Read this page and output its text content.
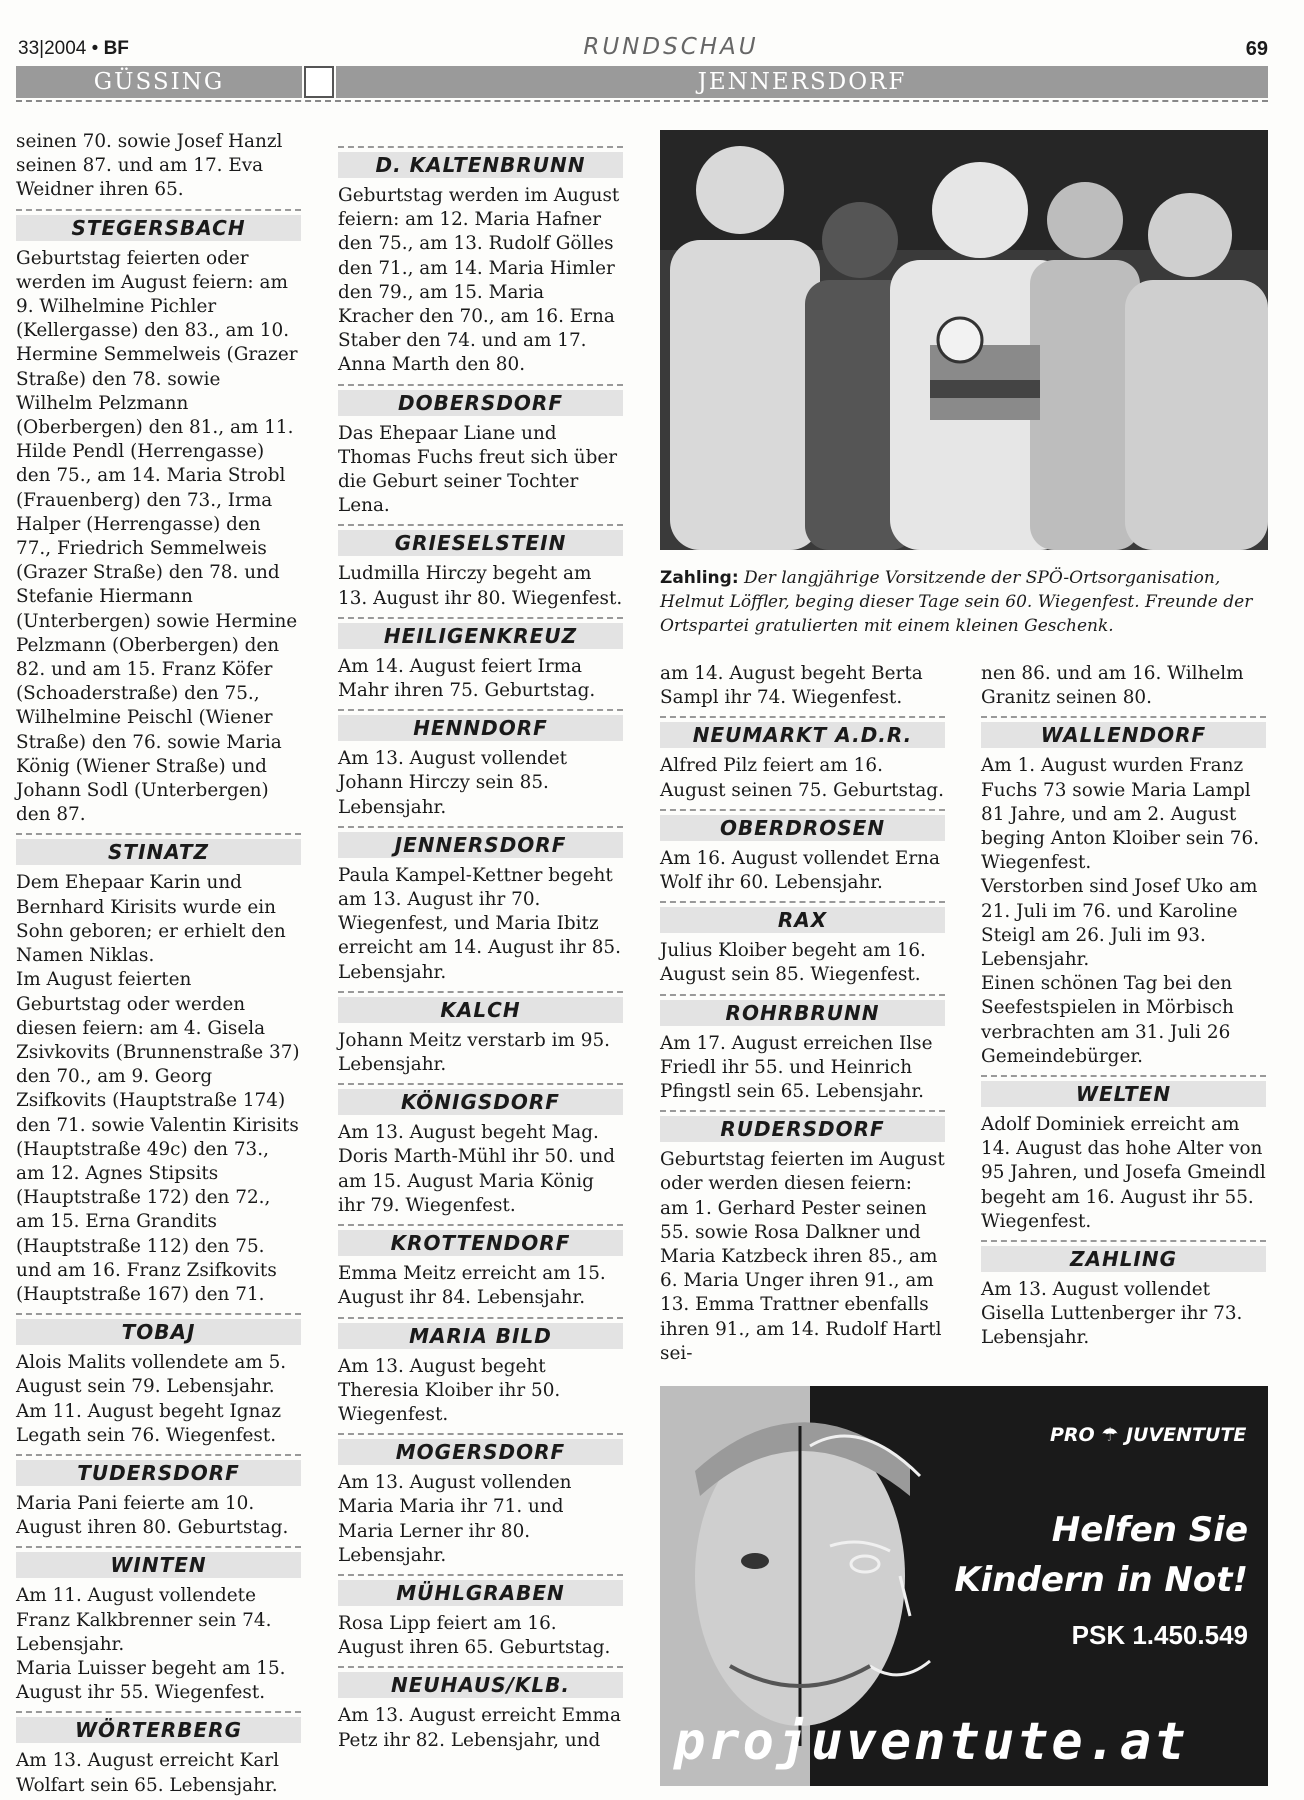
33|2004 • BF	RUNDSCHAU	69
GÜSSING	JENNERSDORF

seinen 70. sowie Josef Hanzl seinen 87. und am 17. Eva Weidner ihren 65.

STEGERSBACH

Geburtstag feierten oder werden im August feiern: am 9. Wilhelmine Pichler (Kellergasse) den 83., am 10. Hermine Semmelweis (Grazer Straße) den 78. sowie Wilhelm Pelzmann (Oberbergen) den 81., am 11. Hilde Pendl (Herrengasse) den 75., am 14. Maria Strobl (Frauenberg) den 73., Irma Halper (Herrengasse) den 77., Friedrich Semmelweis (Grazer Straße) den 78. und Stefanie Hiermann (Unterbergen) sowie Hermine Pelzmann (Oberbergen) den 82. und am 15. Franz Köfer (Schoaderstraße) den 75., Wilhelmine Peischl (Wiener Straße) den 76. sowie Maria König (Wiener Straße) und Johann Sodl (Unterbergen) den 87.

STINATZ

Dem Ehepaar Karin und Bernhard Kirisits wurde ein Sohn geboren; er erhielt den Namen Niklas.

Im August feierten Geburtstag oder werden diesen feiern: am 4. Gisela Zsivkovits (Brunnenstraße 37) den 70., am 9. Georg Zsifkovits (Hauptstraße 174) den 71. sowie Valentin Kirisits (Hauptstraße 49c) den 73., am 12. Agnes Stipsits (Hauptstraße 172) den 72., am 15. Erna Grandits (Hauptstraße 112) den 75. und am 16. Franz Zsifkovits (Hauptstraße 167) den 71.

TOBAJ

Alois Malits vollendete am 5. August sein 79. Lebensjahr. Am 11. August begeht Ignaz Legath sein 76. Wiegenfest.

TUDERSDORF

Maria Pani feierte am 10. August ihren 80. Geburtstag.

WINTEN

Am 11. August vollendete Franz Kalkbrenner sein 74. Lebensjahr.

Maria Luisser begeht am 15. August ihr 55. Wiegenfest.

WÖRTERBERG

Am 13. August erreicht Karl Wolfart sein 65. Lebensjahr.

D. KALTENBRUNN

Geburtstag werden im August feiern: am 12. Maria Hafner den 75., am 13. Rudolf Gölles den 71., am 14. Maria Himler den 79., am 15. Maria Kracher den 70., am 16. Erna Staber den 74. und am 17. Anna Marth den 80.

DOBERSDORF

Das Ehepaar Liane und Thomas Fuchs freut sich über die Geburt seiner Tochter Lena.

GRIESELSTEIN

Ludmilla Hirczy begeht am 13. August ihr 80. Wiegenfest.

HEILIGENKREUZ

Am 14. August feiert Irma Mahr ihren 75. Geburtstag.

HENNDORF

Am 13. August vollendet Johann Hirczy sein 85. Lebensjahr.

JENNERSDORF

Paula Kampel-Kettner begeht am 13. August ihr 70. Wiegenfest, und Maria Ibitz erreicht am 14. August ihr 85. Lebensjahr.

KALCH

Johann Meitz verstarb im 95. Lebensjahr.

KÖNIGSDORF

Am 13. August begeht Mag. Doris Marth-Mühl ihr 50. und am 15. August Maria König ihr 79. Wiegenfest.

KROTTENDORF

Emma Meitz erreicht am 15. August ihr 84. Lebensjahr.

MARIA BILD

Am 13. August begeht Theresia Kloiber ihr 50. Wiegenfest.

MOGERSDORF

Am 13. August vollenden Maria Maria ihr 71. und Maria Lerner ihr 80. Lebensjahr.

MÜHLGRABEN

Rosa Lipp feiert am 16. August ihren 65. Geburtstag.

NEUHAUS/KLB.

Am 13. August erreicht Emma Petz ihr 82. Lebensjahr, und

Zahling: Der langjährige Vorsitzende der SPÖ-Ortsorganisation, Helmut Löffler, beging dieser Tage sein 60. Wiegenfest. Freunde der Ortspartei gratulierten mit einem kleinen Geschenk.

am 14. August begeht Berta Sampl ihr 74. Wiegenfest.

NEUMARKT A.D.R.

Alfred Pilz feiert am 16. August seinen 75. Geburtstag.

OBERDROSEN

Am 16. August vollendet Erna Wolf ihr 60. Lebensjahr.

RAX

Julius Kloiber begeht am 16. August sein 85. Wiegenfest.

ROHRBRUNN

Am 17. August erreichen Ilse Friedl ihr 55. und Heinrich Pfingstl sein 65. Lebensjahr.

RUDERSDORF

Geburtstag feierten im August oder werden diesen feiern: am 1. Gerhard Pester seinen 55. sowie Rosa Dalkner und Maria Katzbeck ihren 85., am 6. Maria Unger ihren 91., am 13. Emma Trattner ebenfalls ihren 91., am 14. Rudolf Hartl sei-

nen 86. und am 16. Wilhelm Granitz seinen 80.

WALLENDORF

Am 1. August wurden Franz Fuchs 73 sowie Maria Lampl 81 Jahre, und am 2. August beging Anton Kloiber sein 76. Wiegenfest.

Verstorben sind Josef Uko am 21. Juli im 76. und Karoline Steigl am 26. Juli im 93. Lebensjahr.

Einen schönen Tag bei den Seefestspielen in Mörbisch verbrachten am 31. Juli 26 Gemeindebürger.

WELTEN

Adolf Dominiek erreicht am 14. August das hohe Alter von 95 Jahren, und Josefa Gmeindl begeht am 16. August ihr 55. Wiegenfest.

ZAHLING

Am 13. August vollendet Gisella Luttenberger ihr 73. Lebensjahr.

PRO ☂ JUVENTUTE
Helfen Sie
Kindern in Not!
PSK 1.450.549
projuventute.at
